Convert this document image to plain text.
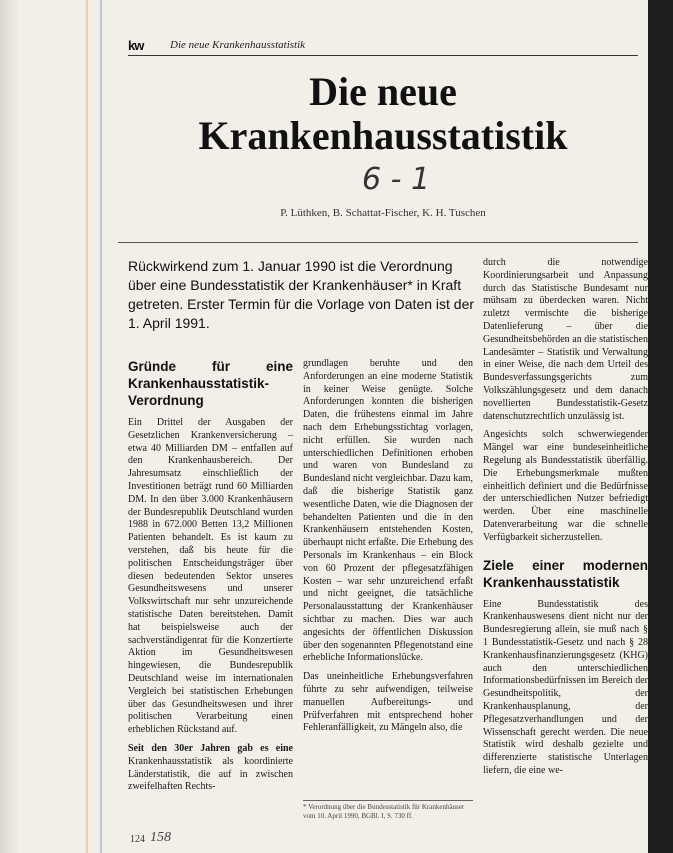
kw Die neue Krankenhausstatistik
Die neue
Krankenhausstatistik
6 - 1
P. Lüthken, B. Schattat-Fischer, K. H. Tuschen
Rückwirkend zum 1. Januar 1990 ist die Verordnung über eine Bundesstatistik der Krankenhäuser* in Kraft getreten. Erster Termin für die Vorlage von Daten ist der 1. April 1991.
Gründe für eine Krankenhausstatistik-Verordnung

Ein Drittel der Ausgaben der Gesetzlichen Krankenversicherung – etwa 40 Milliarden DM – entfallen auf den Krankenhausbereich. Der Jahresumsatz einschließlich der Investitionen beträgt rund 60 Milliarden DM. In den über 3.000 Krankenhäusern der Bundesrepublik Deutschland wurden 1988 in 672.000 Betten 13,2 Millionen Patienten behandelt. Es ist kaum zu verstehen, daß bis heute für die politischen Entscheidungsträger über diesen bedeutenden Sektor unseres Gesundheitswesens und unserer Volkswirtschaft nur sehr unzureichende statistische Daten bereitstehen. Damit hat beispielsweise auch der sachverständigenrat für die Konzertierte Aktion im Gesundheitswesen hingewiesen, die Bundesrepublik Deutschland weise im internationalen Vergleich bei statistischen Erhebungen über das Gesundheitswesen und ihrer politischen Verarbeitung einen erheblichen Rückstand auf.

Seit den 30er Jahren gab es eine Krankenhausstatistik als koordinierte Länderstatistik, die auf in zwischen zweifelhaften Rechts-

grundlagen beruhte und den Anforderungen an eine moderne Statistik in keiner Weise genügte. Solche Anforderungen konnten die bisherigen Daten, die frühestens einmal im Jahre nach dem Erhebungsstichtag vorlagen, nicht erfüllen. Sie wurden nach unterschiedlichen Definitionen erhoben und waren von Bundesland zu Bundesland nicht vergleichbar. Dazu kam, daß die bisherige Statistik ganz wesentliche Daten, wie die Diagnosen der behandelten Patienten und die in den Krankenhäusern entstehenden Kosten, überhaupt nicht erfaßte. Die Erhebung des Personals im Krankenhaus – ein Block von 60 Prozent der pflegesatzfähigen Kosten – war sehr unzureichend erfaßt und nicht geeignet, die tatsächliche Personalausstattung der Krankenhäuser sichtbar zu machen. Dies war auch angesichts der öffentlichen Diskussion über den sogenannten Pflegenotstand eine erhebliche Informationslücke.

Das uneinheitliche Erhebungsverfahren führte zu sehr aufwendigen, teilweise manuellen Aufbereitungs- und Prüfverfahren mit entsprechend hoher Fehleranfälligkeit, zu Mängeln also, die

* Verordnung über die Bundesstatistik für Krankenhäuser vom 10. April 1990, BGBl. I, S. 730 ff.

durch die notwendige Koordinierungsarbeit und Anpassung durch das Statistische Bundesamt nur mühsam zu überdecken waren. Nicht zuletzt vermischte die bisherige Datenlieferung – über die Gesundheitsbehörden an die statistischen Landesämter – Statistik und Verwaltung in einer Weise, die nach dem Urteil des Bundesverfassungsgerichts zum Volkszählungsgesetz und dem danach novellierten Bundesstatistik-Gesetz datenschutzrechtlich unzulässig ist.

Angesichts solch schwerwiegender Mängel war eine bundeseinheitliche Regelung als Bundesstatistik überfällig. Die Erhebungsmerkmale mußten einheitlich definiert und die Bedürfnisse der unterschiedlichen Nutzer befriedigt werden. Über eine maschinelle Datenverarbeitung war die schnelle Verfügbarkeit sicherzustellen.

Ziele einer modernen Krankenhausstatistik

Eine Bundesstatistik des Krankenhauswesens dient nicht nur der Bundesregierung allein, sie muß nach § 1 Bundesstatistik-Gesetz und nach § 28 Krankenhausfinanzierungsgesetz (KHG) auch den unterschiedlichen Informationsbedürfnissen im Bereich der Gesundheitspolitik, der Krankenhausplanung, der Pflegesatzverhandlungen und der Wissenschaft gerecht werden. Die neue Statistik wird deshalb gezielte und differenzierte statistische Unterlagen liefern, die eine we-

124 158
